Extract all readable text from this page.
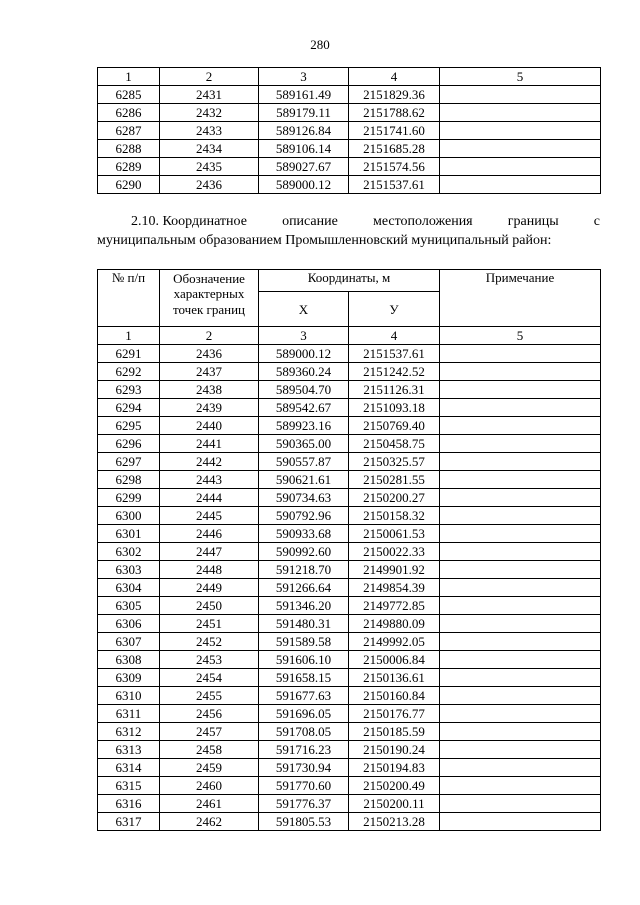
280
1	2	3	4	5
6285	2431	589161.49	2151829.36	
6286	2432	589179.11	2151788.62	
6287	2433	589126.84	2151741.60	
6288	2434	589106.14	2151685.28	
6289	2435	589027.67	2151574.56	
6290	2436	589000.12	2151537.61	
2.10. Координатное	описание	местоположения	границы	с
муниципальным образованием Промышленновский муниципальный район:
№ п/п	Обозначение характерных точек границ	Координаты, м		Примечание
		Х	У	
1	2	3	4	5
6291	2436	589000.12	2151537.61	
6292	2437	589360.24	2151242.52	
6293	2438	589504.70	2151126.31	
6294	2439	589542.67	2151093.18	
6295	2440	589923.16	2150769.40	
6296	2441	590365.00	2150458.75	
6297	2442	590557.87	2150325.57	
6298	2443	590621.61	2150281.55	
6299	2444	590734.63	2150200.27	
6300	2445	590792.96	2150158.32	
6301	2446	590933.68	2150061.53	
6302	2447	590992.60	2150022.33	
6303	2448	591218.70	2149901.92	
6304	2449	591266.64	2149854.39	
6305	2450	591346.20	2149772.85	
6306	2451	591480.31	2149880.09	
6307	2452	591589.58	2149992.05	
6308	2453	591606.10	2150006.84	
6309	2454	591658.15	2150136.61	
6310	2455	591677.63	2150160.84	
6311	2456	591696.05	2150176.77	
6312	2457	591708.05	2150185.59	
6313	2458	591716.23	2150190.24	
6314	2459	591730.94	2150194.83	
6315	2460	591770.60	2150200.49	
6316	2461	591776.37	2150200.11	
6317	2462	591805.53	2150213.28	
